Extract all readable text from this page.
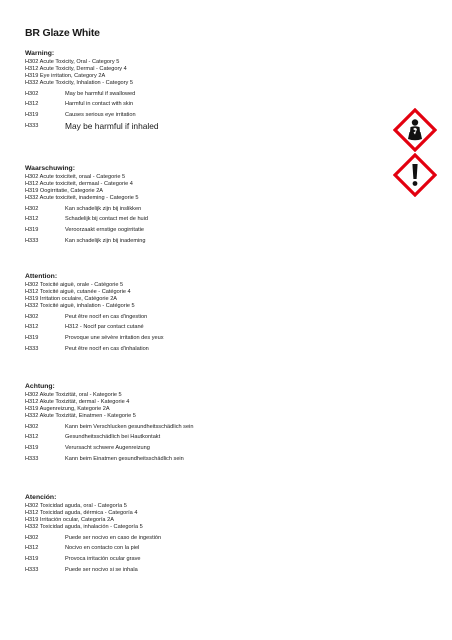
BR Glaze White
Warning:
H302 Acute Toxicity, Oral - Category 5
H312 Acute Toxicity, Dermal - Category 4
H319 Eye irritation, Category 2A
H332 Acute Toxicity, Inhalation - Category 5
H302	May be harmful if swallowed
H312	Harmful in contact with skin
H319	Causes serious eye irritation
H333	May be harmful if inhaled
Waarschuwing:
H302 Acute toxiciteit, oraal - Categorie 5
H312 Acute toxiciteit, dermaal - Categorie 4
H319 Oogirritatie, Categorie 2A
H332 Acute toxiciteit, inademing - Categorie 5
H302	Kan schadelijk zijn bij inslikken
H312	Schadelijk bij contact met de huid
H319	Veroorzaakt ernstige oogirritatie
H333	Kan schadelijk zijn bij inademing
Attention:
H302 Toxicité aiguë, orale - Catégorie 5
H312 Toxicité aiguë, cutanée - Catégorie 4
H319 Irritation oculaire, Catégorie 2A
H332 Toxicité aiguë, inhalation - Catégorie 5
H302	Peut être nocif en cas d'ingestion
H312	H312 - Nocif par contact cutané
H319	Provoque une sévère irritation des yeux
H333	Peut être nocif en cas d'inhalation
Achtung:
H302 Akute Toxizität, oral - Kategorie 5
H312 Akute Toxizität, dermal - Kategorie 4
H319 Augenreizung, Kategorie 2A
H332 Akute Toxizität, Einatmen - Kategorie 5
H302	Kann beim Verschlucken gesundheitsschädlich sein
H312	Gesundheitsschädlich bei Hautkontakt
H319	Verursacht schwere Augenreizung
H333	Kann beim Einatmen gesundheitsschädlich sein
Atención:
H302 Toxicidad aguda, oral - Categoría 5
H312 Toxicidad aguda, dérmica - Categoría 4
H319 Irritación ocular, Categoría 2A
H332 Toxicidad aguda, inhalación - Categoría 5
H302	Puede ser nocivo en caso de ingestión
H312	Nocivo en contacto con la piel
H319	Provoca irritación ocular grave
H333	Puede ser nocivo si se inhala
